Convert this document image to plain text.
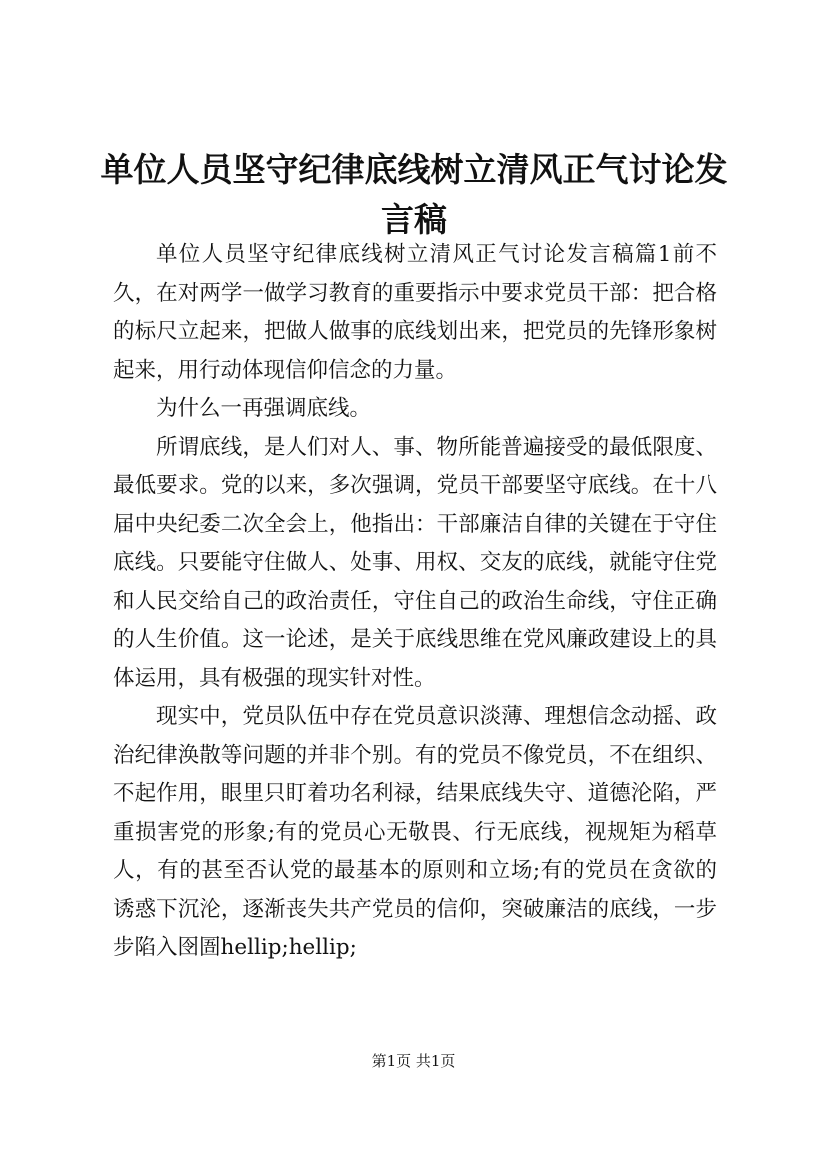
单位人员坚守纪律底线树立清风正气讨论发言稿

单位人员坚守纪律底线树立清风正气讨论发言稿篇1前不久，在对两学一做学习教育的重要指示中要求党员干部：把合格的标尺立起来，把做人做事的底线划出来，把党员的先锋形象树起来，用行动体现信仰信念的力量。

为什么一再强调底线。

所谓底线，是人们对人、事、物所能普遍接受的最低限度、最低要求。党的以来，多次强调，党员干部要坚守底线。在十八届中央纪委二次全会上，他指出：干部廉洁自律的关键在于守住底线。只要能守住做人、处事、用权、交友的底线，就能守住党和人民交给自己的政治责任，守住自己的政治生命线，守住正确的人生价值。这一论述，是关于底线思维在党风廉政建设上的具体运用，具有极强的现实针对性。

现实中，党员队伍中存在党员意识淡薄、理想信念动摇、政治纪律涣散等问题的并非个别。有的党员不像党员，不在组织、不起作用，眼里只盯着功名利禄，结果底线失守、道德沦陷，严重损害党的形象;有的党员心无敬畏、行无底线，视规矩为稻草人，有的甚至否认党的最基本的原则和立场;有的党员在贪欲的诱惑下沉沦，逐渐丧失共产党员的信仰，突破廉洁的底线，一步步陷入囹圄hellip;hellip;

第1页 共1页
